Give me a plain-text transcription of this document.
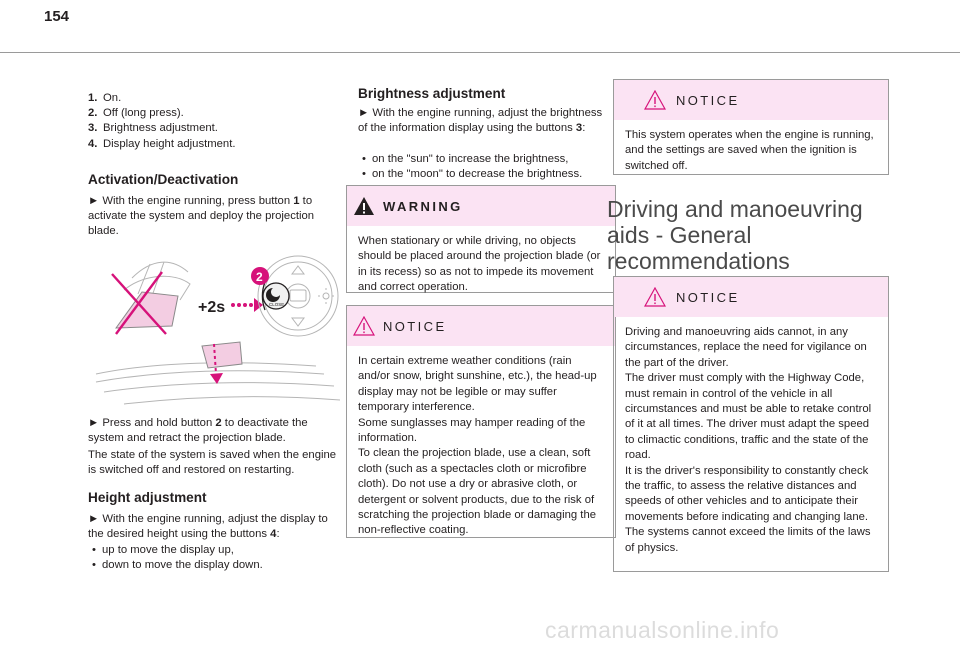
154
1. On.
2. Off (long press).
3. Brightness adjustment.
4. Display height adjustment.
Activation/Deactivation

► With the engine running, press button 1 to activate the system and deploy the projection blade.

+2s	CLOSE
2

► Press and hold button 2 to deactivate the system and retract the projection blade.

The state of the system is saved when the engine is switched off and restored on restarting.

Height adjustment

► With the engine running, adjust the display to the desired height using the buttons 4:

• up to move the display up,
• down to move the display down.
Brightness adjustment

► With the engine running, adjust the brightness of the information display using the buttons 3:

• on the "sun" to increase the brightness,
• on the "moon" to decrease the brightness.
WARNING
When stationary or while driving, no objects should be placed around the projection blade (or in its recess) so as not to impede its movement and correct operation.
NOTICE
In certain extreme weather conditions (rain and/or snow, bright sunshine, etc.), the head-up display may not be legible or may suffer temporary interference.
Some sunglasses may hamper reading of the information.
To clean the projection blade, use a clean, soft cloth (such as a spectacles cloth or microfibre cloth). Do not use a dry or abrasive cloth, or detergent or solvent products, due to the risk of scratching the projection blade or damaging the non-reflective coating.
NOTICE
This system operates when the engine is running, and the settings are saved when the ignition is switched off.
Driving and manoeuvring aids - General recommendations
NOTICE
Driving and manoeuvring aids cannot, in any circumstances, replace the need for vigilance on the part of the driver.
The driver must comply with the Highway Code, must remain in control of the vehicle in all circumstances and must be able to retake control of it at all times. The driver must adapt the speed to climactic conditions, traffic and the state of the road.
It is the driver's responsibility to constantly check the traffic, to assess the relative distances and speeds of other vehicles and to anticipate their movements before indicating and changing lane.
The systems cannot exceed the limits of the laws of physics.
carmanualsonline.info
